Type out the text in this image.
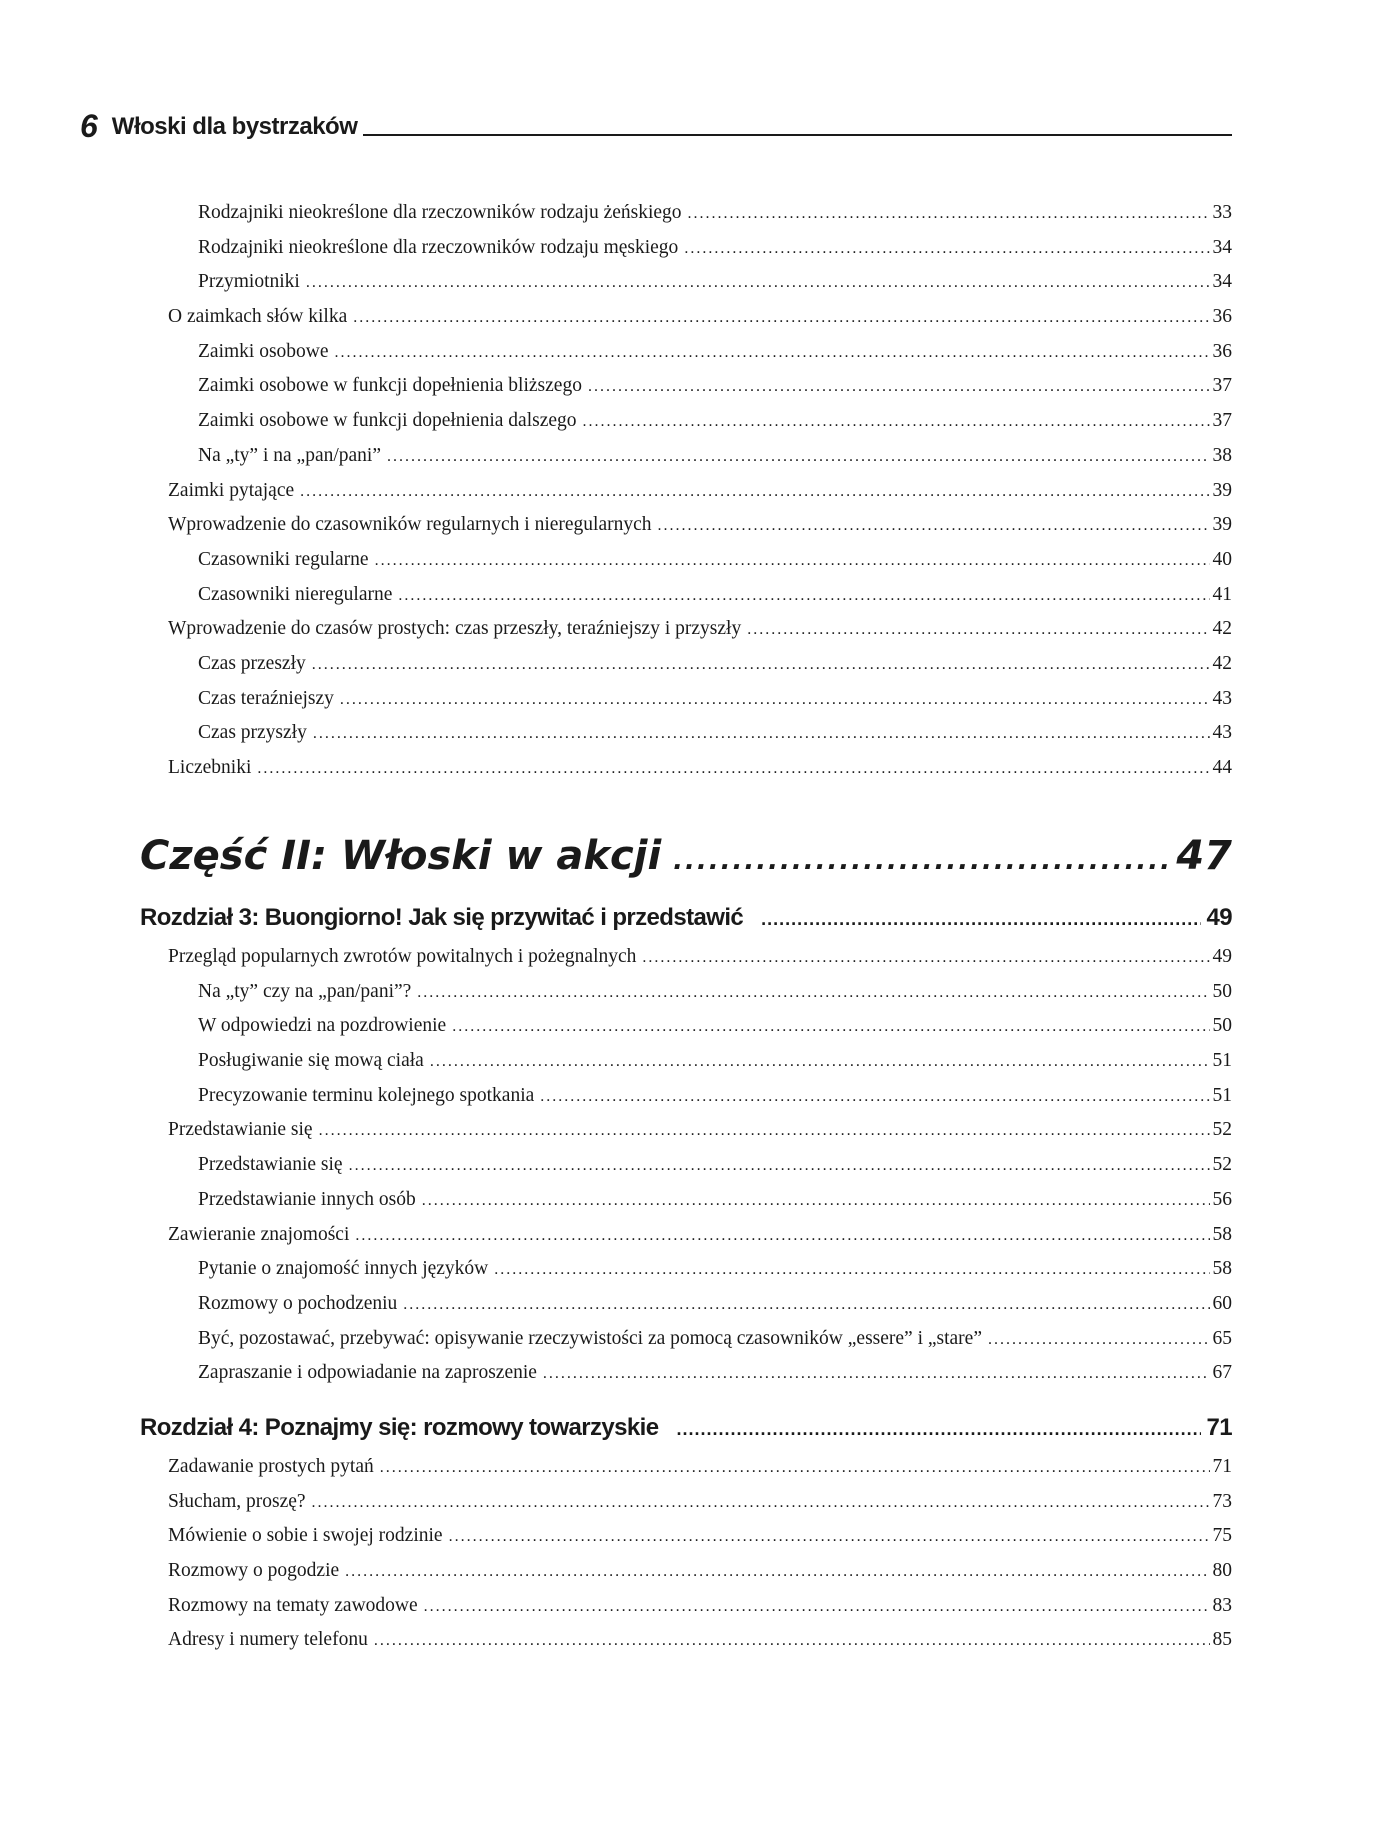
6 Włoski dla bystrzaków
Rodzajniki nieokreślone dla rzeczowników rodzaju żeńskiego . . .	33
Rodzajniki nieokreślone dla rzeczowników rodzaju męskiego . . .	34
Przymiotniki . . .	34
O zaimkach słów kilka . . .	36
Zaimki osobowe . . .	36
Zaimki osobowe w funkcji dopełnienia bliższego . . .	37
Zaimki osobowe w funkcji dopełnienia dalszego . . .	37
Na „ty” i na „pan/pani” . . .	38
Zaimki pytające . . .	39
Wprowadzenie do czasowników regularnych i nieregularnych . . .	39
Czasowniki regularne . . .	40
Czasowniki nieregularne . . .	41
Wprowadzenie do czasów prostych: czas przeszły, teraźniejszy i przyszły . . .	42
Czas przeszły . . .	42
Czas teraźniejszy . . .	43
Czas przyszły . . .	43
Liczebniki . . .	44
Część II: Włoski w akcji .....	47
Rozdział 3: Buongiorno! Jak się przywitać i przedstawić .....	49
Przegląd popularnych zwrotów powitalnych i pożegnalnych . . .	49
Na „ty” czy na „pan/pani”? . . .	50
W odpowiedzi na pozdrowienie . . .	50
Posługiwanie się mową ciała . . .	51
Precyzowanie terminu kolejnego spotkania . . .	51
Przedstawianie się . . .	52
Przedstawianie się . . .	52
Przedstawianie innych osób . . .	56
Zawieranie znajomości . . .	58
Pytanie o znajomość innych języków . . .	58
Rozmowy o pochodzeniu . . .	60
Być, pozostawać, przebywać: opisywanie rzeczywistości za pomocą czasowników „essere” i „stare” . . .	65
Zapraszanie i odpowiadanie na zaproszenie . . .	67
Rozdział 4: Poznajmy się: rozmowy towarzyskie .....	71
Zadawanie prostych pytań . . .	71
Słucham, proszę? . . .	73
Mówienie o sobie i swojej rodzinie . . .	75
Rozmowy o pogodzie . . .	80
Rozmowy na tematy zawodowe . . .	83
Adresy i numery telefonu . . .	85
